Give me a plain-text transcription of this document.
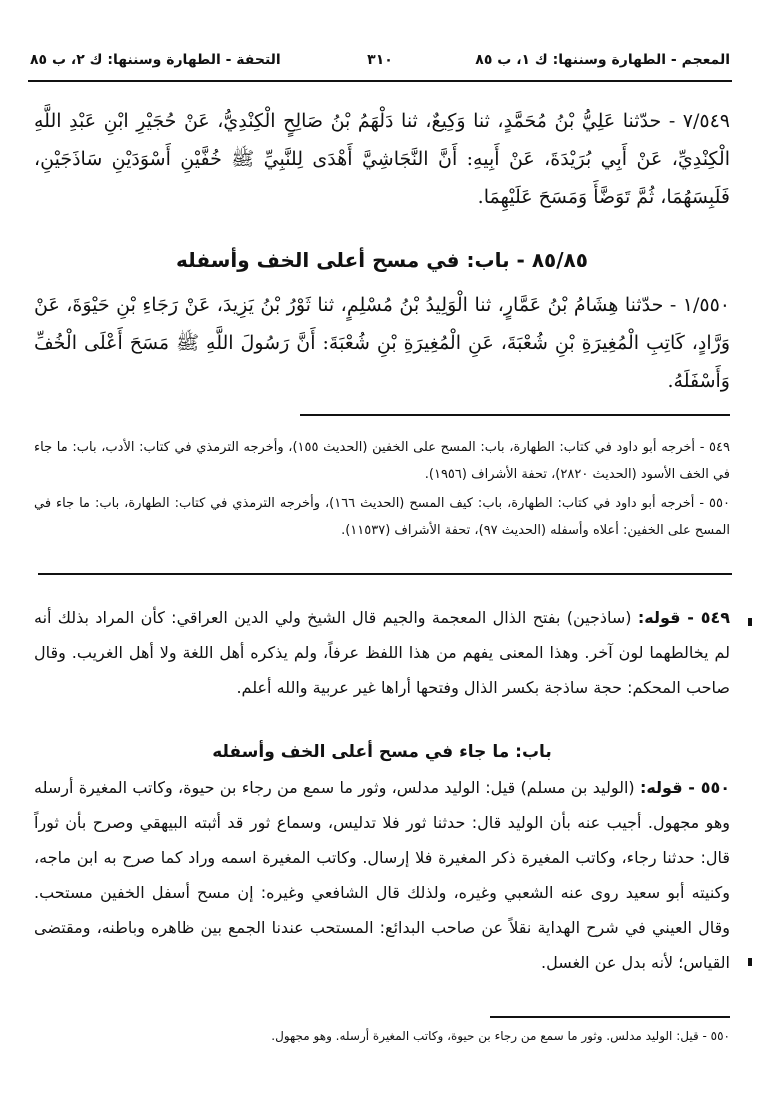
المعجم - الطهارة وسننها: ك ١، ب ٨٥
٣١٠
التحفة - الطهارة وسننها: ك ٢، ب ٨٥

٧/٥٤٩ - حدّثنا عَلِيُّ بْنُ مُحَمَّدٍ، ثنا وَكِيعٌ، ثنا دَلْهَمُ بْنُ صَالِحٍ الْكِنْدِيُّ، عَنْ حُجَيْرِ ابْنِ عَبْدِ اللَّهِ الْكِنْدِيِّ، عَنْ أَبِي بُرَيْدَةَ، عَنْ أَبِيهِ: أَنَّ النَّجَاشِيَّ أَهْدَى لِلنَّبِيِّ ﷺ خُفَّيْنِ أَسْوَدَيْنِ سَاذَجَيْنِ، فَلَبِسَهُمَا، ثُمَّ تَوَضَّأَ وَمَسَحَ عَلَيْهِمَا.

٨٥/٨٥ - باب: في مسح أعلى الخف وأسفله

١/٥٥٠ - حدّثنا هِشَامُ بْنُ عَمَّارٍ، ثنا الْوَلِيدُ بْنُ مُسْلِمٍ، ثنا ثَوْرُ بْنُ يَزِيدَ، عَنْ رَجَاءِ بْنِ حَيْوَةَ، عَنْ وَرَّادٍ، كَاتِبِ الْمُغِيرَةِ بْنِ شُعْبَةَ، عَنِ الْمُغِيرَةِ بْنِ شُعْبَةَ: أَنَّ رَسُولَ اللَّهِ ﷺ مَسَحَ أَعْلَى الْخُفِّ وَأَسْفَلَهُ.

٥٤٩ - أخرجه أبو داود في كتاب: الطهارة، باب: المسح على الخفين (الحديث ١٥٥)، وأخرجه الترمذي في كتاب: الأدب، باب: ما جاء في الخف الأسود (الحديث ٢٨٢٠)، تحفة الأشراف (١٩٥٦).

٥٥٠ - أخرجه أبو داود في كتاب: الطهارة، باب: كيف المسح (الحديث ١٦٦)، وأخرجه الترمذي في كتاب: الطهارة، باب: ما جاء في المسح على الخفين: أعلاه وأسفله (الحديث ٩٧)، تحفة الأشراف (١١٥٣٧).

٥٤٩ - قوله: (ساذجين) بفتح الذال المعجمة والجيم قال الشيخ ولي الدين العراقي: كأن المراد بذلك أنه لم يخالطهما لون آخر. وهذا المعنى يفهم من هذا اللفظ عرفاً، ولم يذكره أهل اللغة ولا أهل الغريب. وقال صاحب المحكم: حجة ساذجة بكسر الذال وفتحها أراها غير عربية والله أعلم.

باب: ما جاء في مسح أعلى الخف وأسفله

٥٥٠ - قوله: (الوليد بن مسلم) قيل: الوليد مدلس، وثور ما سمع من رجاء بن حيوة، وكاتب المغيرة أرسله وهو مجهول. أجيب عنه بأن الوليد قال: حدثنا ثور فلا تدليس، وسماع ثور قد أثبته البيهقي وصرح بأن ثوراً قال: حدثنا رجاء، وكاتب المغيرة ذكر المغيرة فلا إرسال. وكاتب المغيرة اسمه وراد كما صرح به ابن ماجه، وكنيته أبو سعيد روى عنه الشعبي وغيره، ولذلك قال الشافعي وغيره: إن مسح أسفل الخفين مستحب. وقال العيني في شرح الهداية نقلاً عن صاحب البدائع: المستحب عندنا الجمع بين ظاهره وباطنه، ومقتضى القياس؛ لأنه بدل عن الغسل.

٥٥٠ - قيل: الوليد مدلس. وثور ما سمع من رجاء بن حيوة، وكاتب المغيرة أرسله. وهو مجهول.
